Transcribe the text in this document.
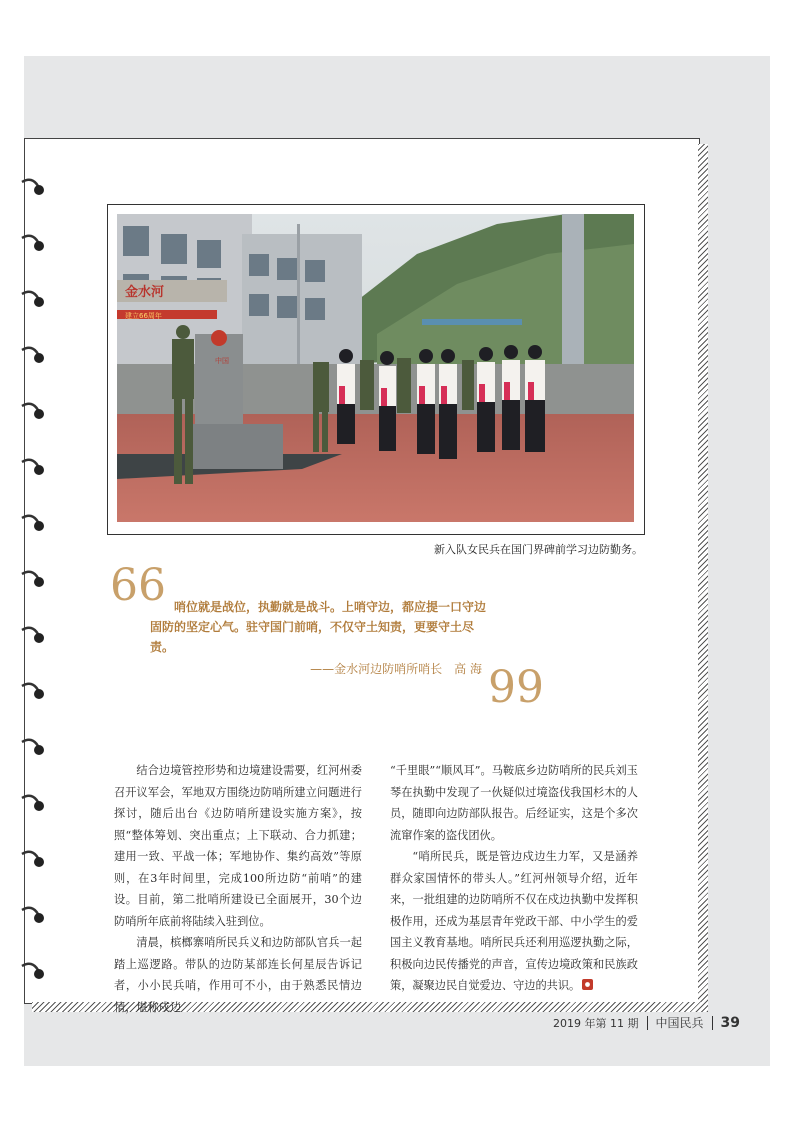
金水河
建立66周年
中国
新入队女民兵在国门界碑前学习边防勤务。
66 哨位就是战位，执勤就是战斗。上哨守边，都应提一口守边固防的坚定心气。驻守国门前哨，不仅守土知责，更要守土尽责。
——金水河边防哨所哨长　高 海 99

结合边境管控形势和边境建设需要，红河州委召开议军会，军地双方围绕边防哨所建立问题进行探讨，随后出台《边防哨所建设实施方案》，按照“整体筹划、突出重点；上下联动、合力抓建；建用一致、平战一体；军地协作、集约高效”等原则，在3年时间里，完成100所边防“前哨”的建设。目前，第二批哨所建设已全面展开，30个边防哨所年底前将陆续入驻到位。

清晨，槟榔寨哨所民兵义和边防部队官兵一起踏上巡逻路。带队的边防某部连长何星辰告诉记者，小小民兵哨，作用可不小，由于熟悉民情边情，堪称戍边

“千里眼”“顺风耳”。马鞍底乡边防哨所的民兵刘玉琴在执勤中发现了一伙疑似过境盗伐我国杉木的人员，随即向边防部队报告。后经证实，这是个多次流窜作案的盗伐团伙。

“哨所民兵，既是管边戍边生力军，又是涵养群众家国情怀的带头人。”红河州领导介绍，近年来，一批组建的边防哨所不仅在戍边执勤中发挥积极作用，还成为基层青年党政干部、中小学生的爱国主义教育基地。哨所民兵还利用巡逻执勤之际，积极向边民传播党的声音，宣传边境政策和民族政策，凝聚边民自觉爱边、守边的共识。

2019 年第 11 期 中国民兵 39
